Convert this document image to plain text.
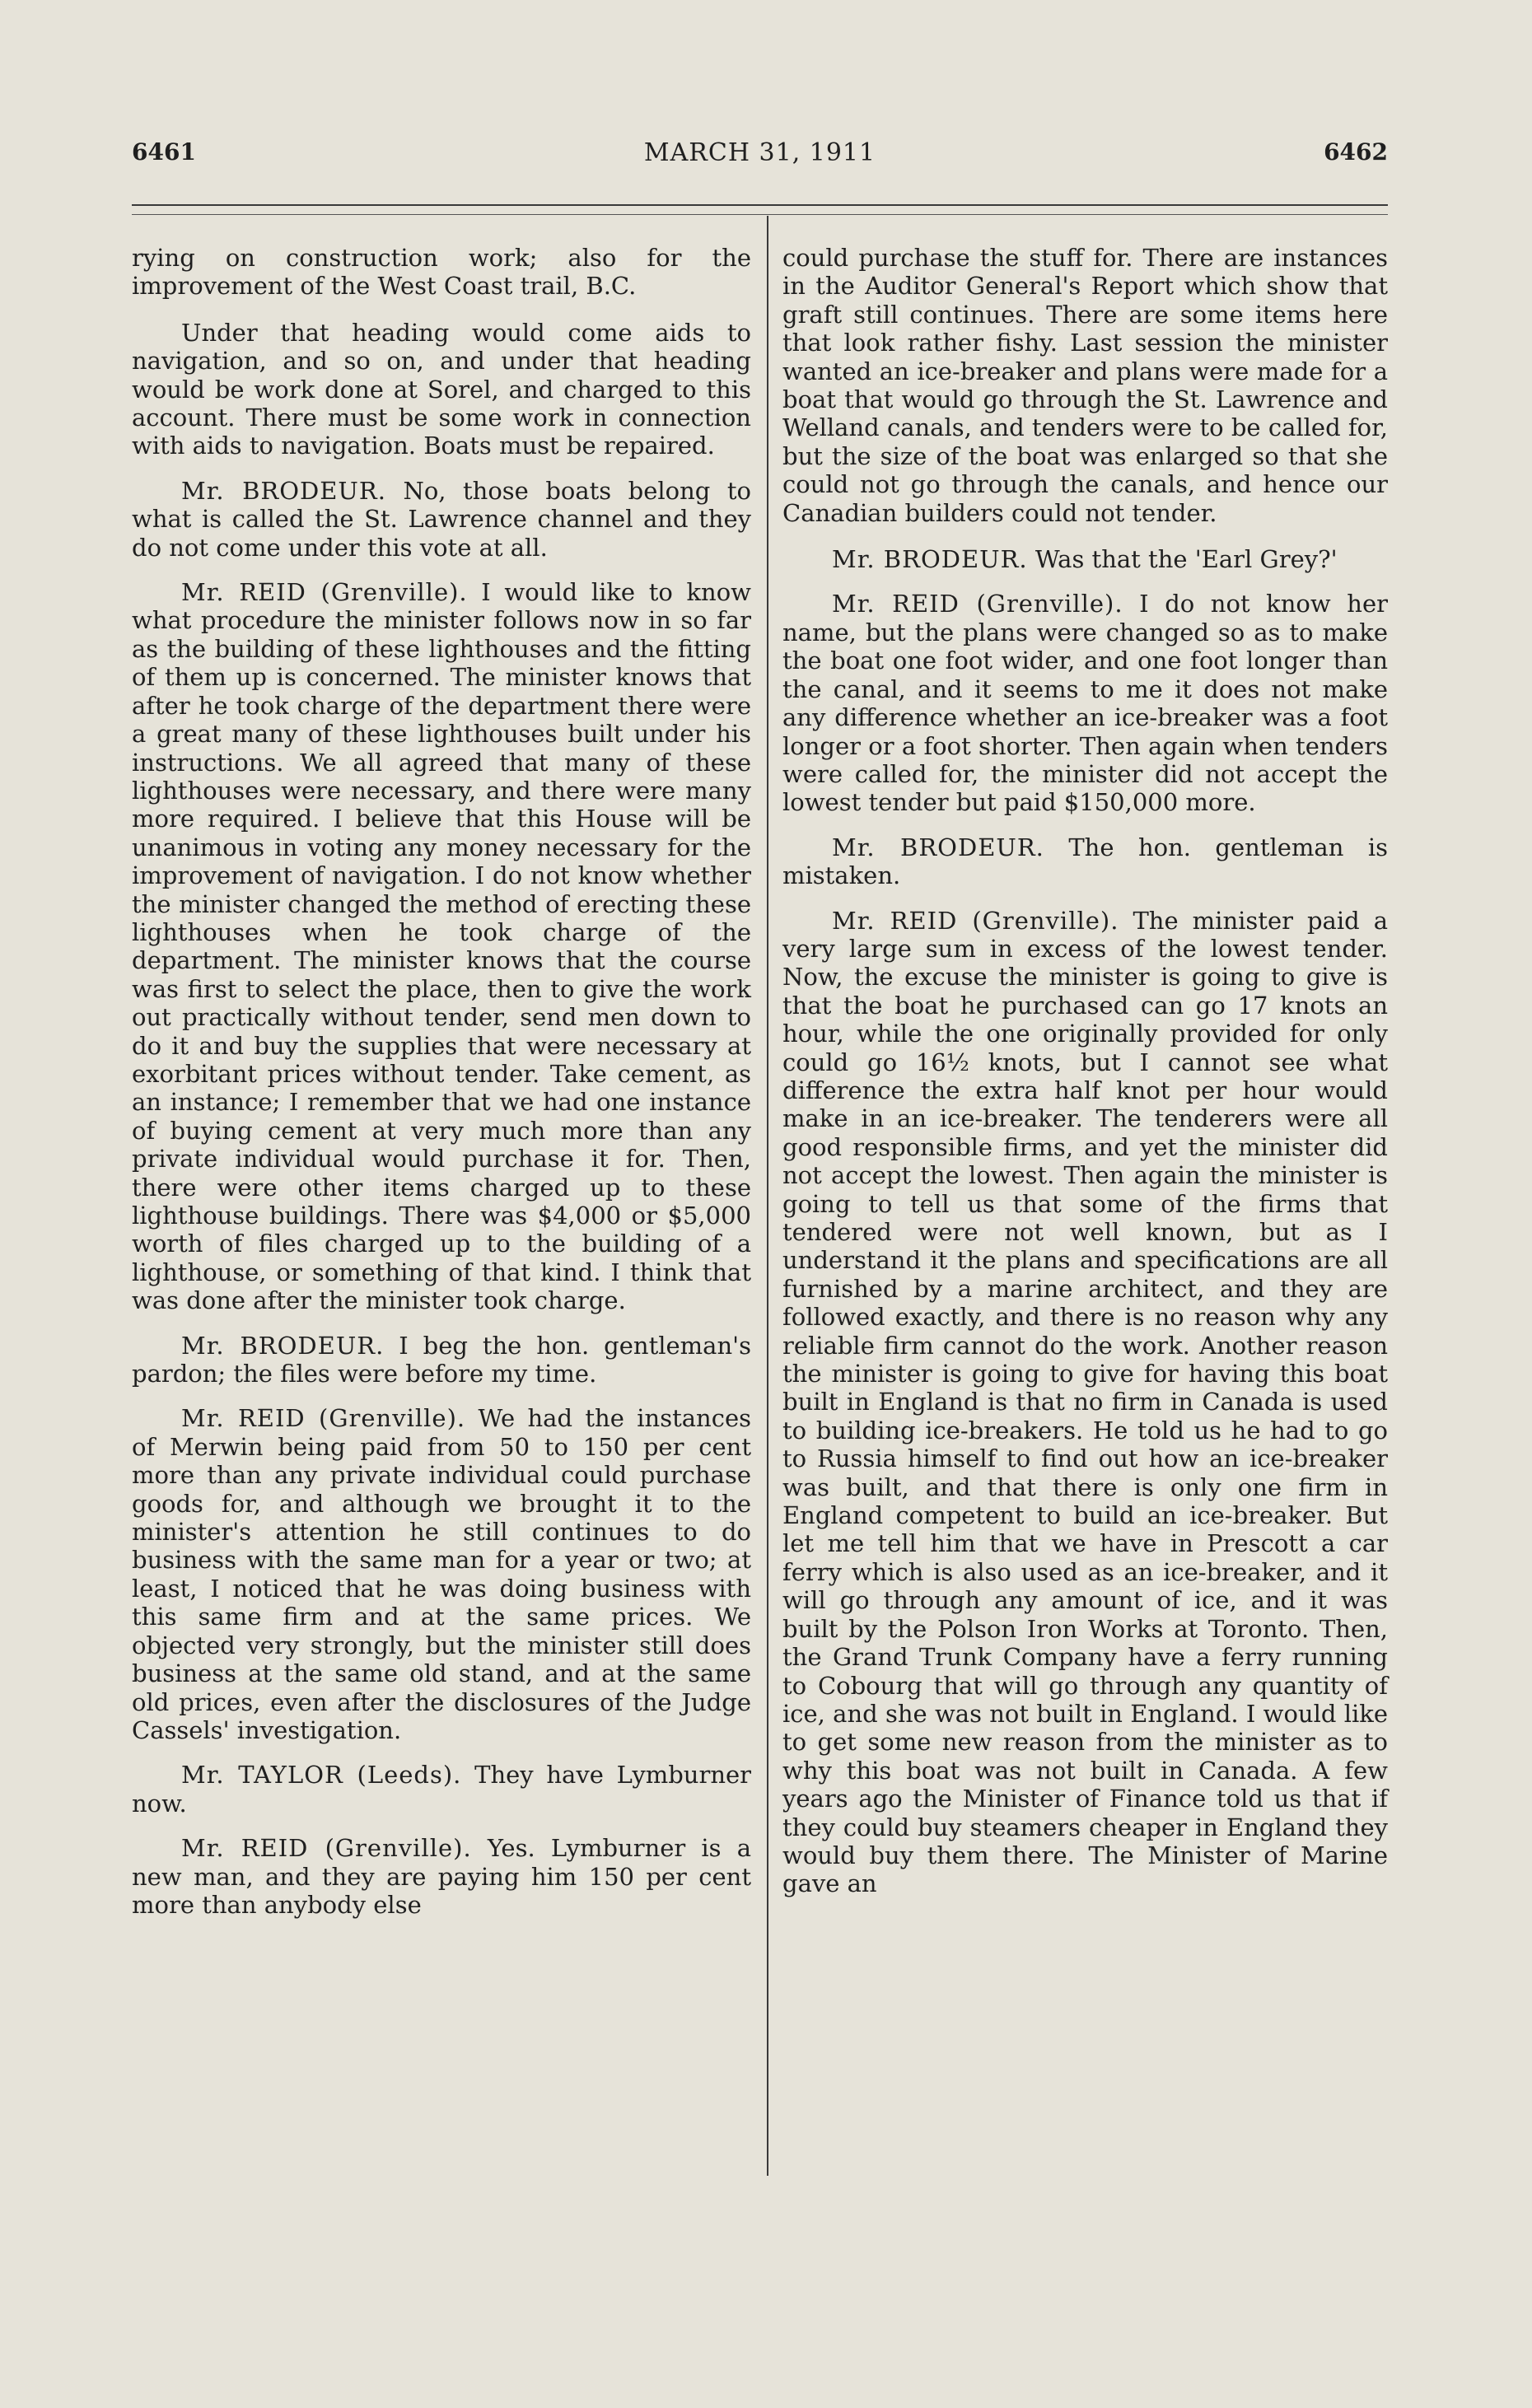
6461	MARCH 31, 1911	6462

rying on construction work; also for the improvement of the West Coast trail, B.C.

Under that heading would come aids to navigation, and so on, and under that heading would be work done at Sorel, and charged to this account. There must be some work in connection with aids to navigation. Boats must be repaired.

Mr. BRODEUR. No, those boats belong to what is called the St. Lawrence channel and they do not come under this vote at all.

Mr. REID (Grenville). I would like to know what procedure the minister follows now in so far as the building of these lighthouses and the fitting of them up is concerned. The minister knows that after he took charge of the department there were a great many of these lighthouses built under his instructions. We all agreed that many of these lighthouses were necessary, and there were many more required. I believe that this House will be unanimous in voting any money necessary for the improvement of navigation. I do not know whether the minister changed the method of erecting these lighthouses when he took charge of the department. The minister knows that the course was first to select the place, then to give the work out practically without tender, send men down to do it and buy the supplies that were necessary at exorbitant prices without tender. Take cement, as an instance; I remember that we had one instance of buying cement at very much more than any private individual would purchase it for. Then, there were other items charged up to these lighthouse buildings. There was $4,000 or $5,000 worth of files charged up to the building of a lighthouse, or something of that kind. I think that was done after the minister took charge.

Mr. BRODEUR. I beg the hon. gentleman's pardon; the files were before my time.

Mr. REID (Grenville). We had the instances of Merwin being paid from 50 to 150 per cent more than any private individual could purchase goods for, and although we brought it to the minister's attention he still continues to do business with the same man for a year or two; at least, I noticed that he was doing business with this same firm and at the same prices. We objected very strongly, but the minister still does business at the same old stand, and at the same old prices, even after the disclosures of the Judge Cassels' investigation.

Mr. TAYLOR (Leeds). They have Lymburner now.

Mr. REID (Grenville). Yes. Lymburner is a new man, and they are paying him 150 per cent more than anybody else

could purchase the stuff for. There are instances in the Auditor General's Report which show that graft still continues. There are some items here that look rather fishy. Last session the minister wanted an ice-breaker and plans were made for a boat that would go through the St. Lawrence and Welland canals, and tenders were to be called for, but the size of the boat was enlarged so that she could not go through the canals, and hence our Canadian builders could not tender.

Mr. BRODEUR. Was that the 'Earl Grey?'

Mr. REID (Grenville). I do not know her name, but the plans were changed so as to make the boat one foot wider, and one foot longer than the canal, and it seems to me it does not make any difference whether an ice-breaker was a foot longer or a foot shorter. Then again when tenders were called for, the minister did not accept the lowest tender but paid $150,000 more.

Mr. BRODEUR. The hon. gentleman is mistaken.

Mr. REID (Grenville). The minister paid a very large sum in excess of the lowest tender. Now, the excuse the minister is going to give is that the boat he purchased can go 17 knots an hour, while the one originally provided for only could go 16½ knots, but I cannot see what difference the extra half knot per hour would make in an ice-breaker. The tenderers were all good responsible firms, and yet the minister did not accept the lowest. Then again the minister is going to tell us that some of the firms that tendered were not well known, but as I understand it the plans and specifications are all furnished by a marine architect, and they are followed exactly, and there is no reason why any reliable firm cannot do the work. Another reason the minister is going to give for having this boat built in England is that no firm in Canada is used to building ice-breakers. He told us he had to go to Russia himself to find out how an ice-breaker was built, and that there is only one firm in England competent to build an ice-breaker. But let me tell him that we have in Prescott a car ferry which is also used as an ice-breaker, and it will go through any amount of ice, and it was built by the Polson Iron Works at Toronto. Then, the Grand Trunk Company have a ferry running to Cobourg that will go through any quantity of ice, and she was not built in England. I would like to get some new reason from the minister as to why this boat was not built in Canada. A few years ago the Minister of Finance told us that if they could buy steamers cheaper in England they would buy them there. The Minister of Marine gave an
